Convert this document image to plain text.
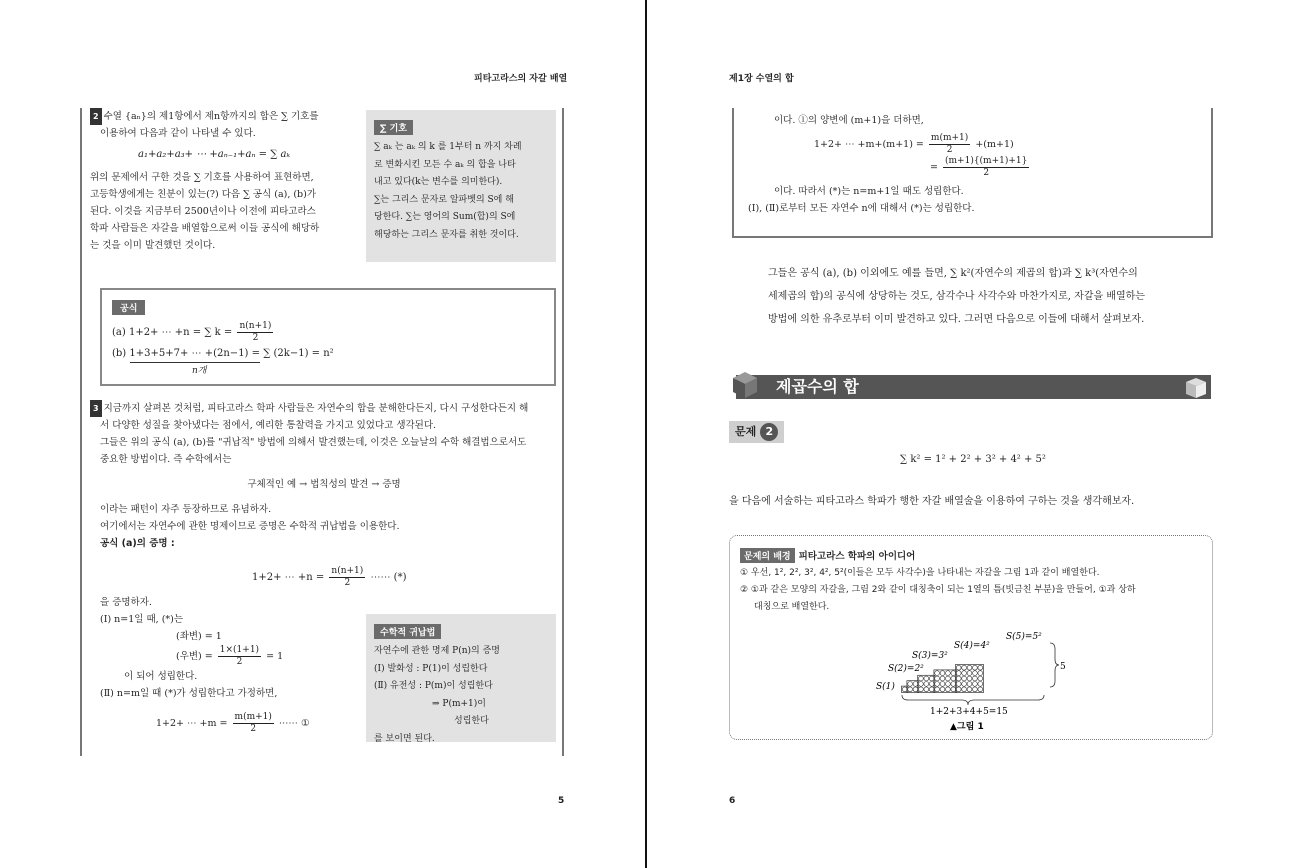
피타고라스의 자갈 배열
2 수열 {aₙ}의 제1항에서 제n항까지의 합은 ∑ 기호를
이용하여 다음과 같이 나타낼 수 있다.
a₁+a₂+a₃+ ⋯ +aₙ₋₁+aₙ = ∑ aₖ
위의 문제에서 구한 것을 ∑ 기호를 사용하여 표현하면,
고등학생에게는 친분이 있는(?) 다음 ∑ 공식 (a), (b)가
된다. 이것을 지금부터 2500년이나 이전에 피타고라스
학파 사람들은 자갈을 배열함으로써 이들 공식에 해당하
는 것을 이미 발견했던 것이다.
∑ 기호

∑ aₖ 는 aₖ 의 k 를 1부터 n 까지 차례

로 변화시킨 모든 수 aₖ 의 합을 나타

내고 있다(k는 변수를 의미한다).

∑는 그리스 문자로 알파벳의 S에 해

당한다. ∑는 영어의 Sum(합)의 S에

해당하는 그리스 문자를 취한 것이다.

공식
(a) 1+2+ ⋯ +n = ∑ $k = \frac{n(n+1)}{2}$
(b) 1+3+5+7+ ⋯ +(2n−1) = ∑ (2k−1) = n²
n개
3 지금까지 살펴본 것처럼, 피타고라스 학파 사람들은 자연수의 합을 분해한다든지, 다시 구성한다든지 해
서 다양한 성질을 찾아냈다는 점에서, 예리한 통찰력을 가지고 있었다고 생각된다.
그들은 위의 공식 (a), (b)를 "귀납적" 방법에 의해서 발견했는데, 이것은 오늘날의 수학 해결법으로서도
중요한 방법이다. 즉 수학에서는
구체적인 예 → 법칙성의 발견 → 증명
이라는 패턴이 자주 등장하므로 유념하자.
여기에서는 자연수에 관한 명제이므로 증명은 수학적 귀납법을 이용한다.
공식 (a)의 증명 :
1+2+ ⋯ $+n = \frac{n(n+1)}{2}$ ⋯⋯ (*)
을 증명하자.
(Ⅰ) n=1일 때, (*)는
(좌변) = 1
(우변) = $\frac{1\times(1+1)}{2} = 1$
이 되어 성립한다.
(Ⅱ) n=m일 때 (*)가 성립한다고 가정하면,
1+2+ ⋯ $+m = \frac{m(m+1)}{2}$ ⋯⋯ ①
수학적 귀납법

자연수에 관한 명제 P(n)의 증명

(Ⅰ) 발화성 : P(1)이 성립한다

(Ⅱ) 유전성 : P(m)이 성립한다

⇒ P(m+1)이

성립한다

를 보이면 된다.

5
제1장 수열의 합
이다. ①의 양변에 (m+1)을 더하면,
1+2+ ⋯ $+m+(m+1) = \frac{m(m+1)}{2} +(m+1)$
= $\frac{(m+1)\{(m+1)+1\}}{2}$
이다. 따라서 (*)는 n=m+1일 때도 성립한다.
(Ⅰ), (Ⅱ)로부터 모든 자연수 n에 대해서 (*)는 성립한다.
그들은 공식 (a), (b) 이외에도 예를 들면, ∑ k²(자연수의 제곱의 합)과 ∑ k³(자연수의
세제곱의 합)의 공식에 상당하는 것도, 삼각수나 사각수와 마찬가지로, 자갈을 배열하는
방법에 의한 유추로부터 이미 발견하고 있다. 그러면 다음으로 이들에 대해서 살펴보자.
제곱수의 합
문제 2
∑ k² = 1² + 2² + 3² + 4² + 5²
을 다음에 서술하는 피타고라스 학파가 행한 자갈 배열술을 이용하여 구하는 것을 생각해보자.
문제의 배경 피타고라스 학파의 아이디어
① 우선, 1², 2², 3², 4², 5²(이들은 모두 사각수)을 나타내는 자갈을 그림 1과 같이 배열한다.
② ①과 같은 모양의 자갈을, 그림 2와 같이 대칭축이 되는 1열의 틈(빗금친 부분)을 만들어, ①과 상하
대칭으로 배열한다.
S(1)
S(2)=2²
S(3)=3²
S(4)=4²
S(5)=5²
5
1+2+3+4+5=15
▲그림 1
6
